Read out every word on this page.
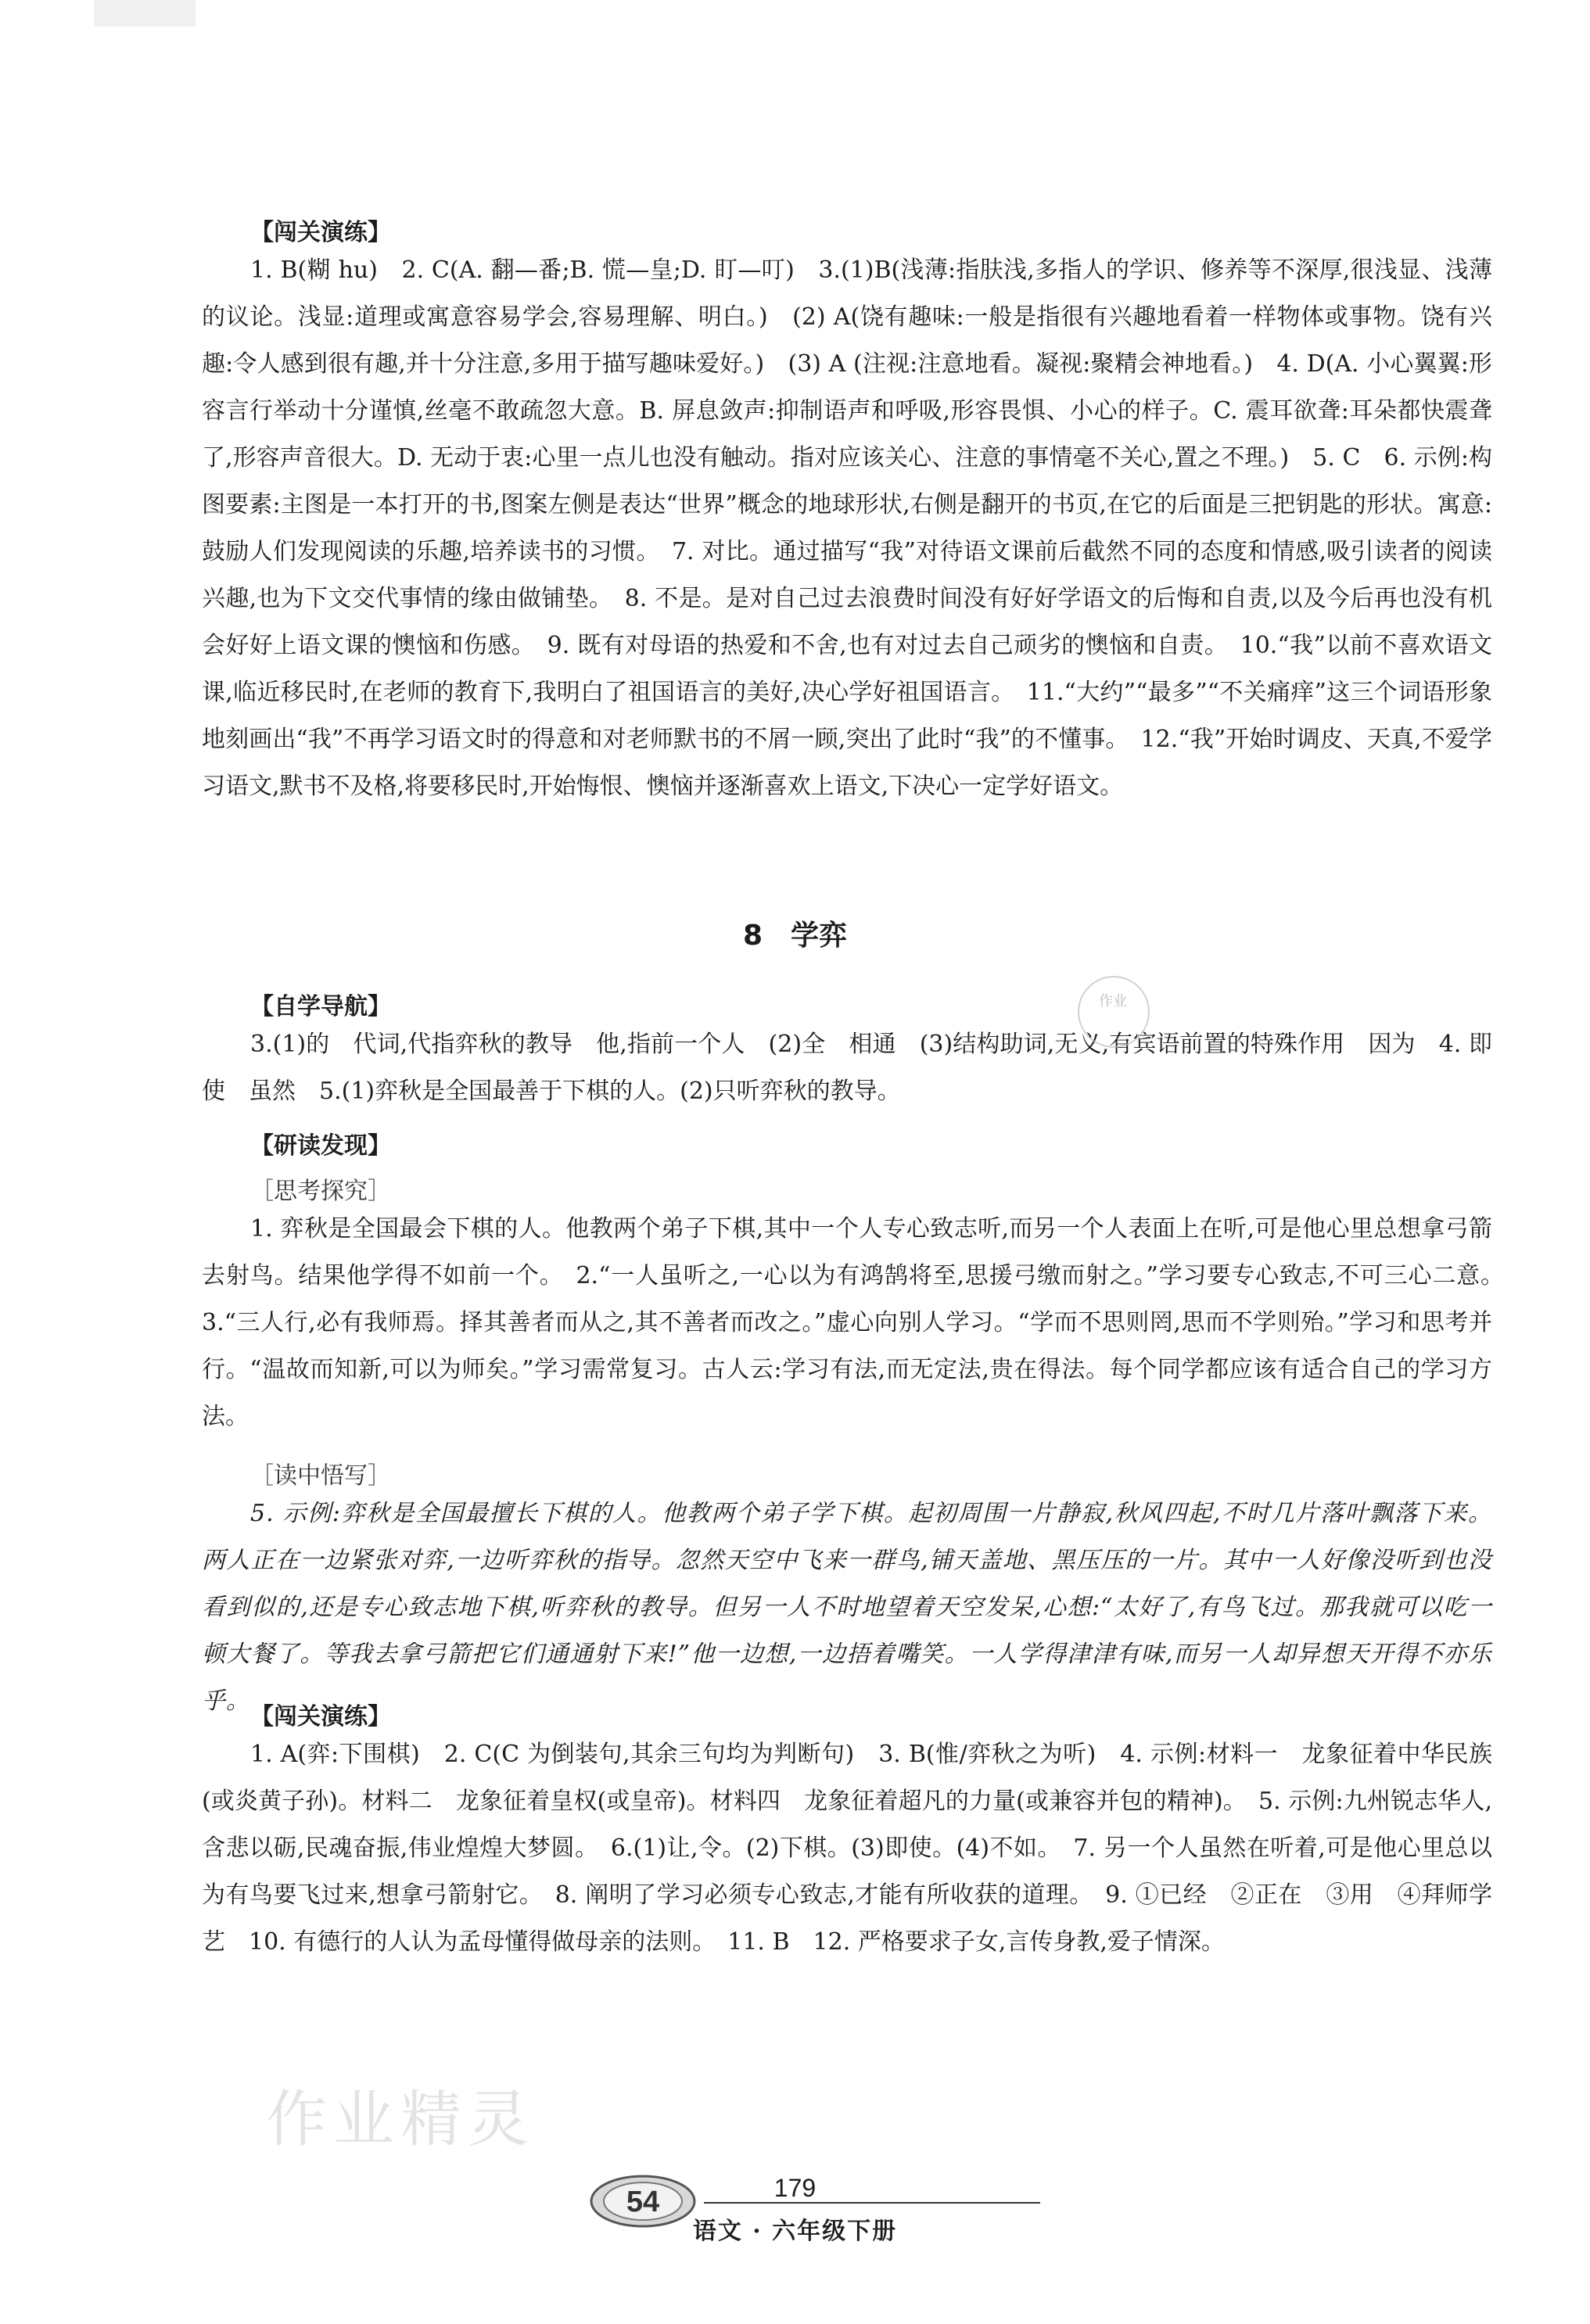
【闯关演练】

1. B(糊 hu)　2. C(A. 翻—番;B. 慌—皇;D. 盯—叮)　3.(1)B(浅薄:指肤浅,多指人的学识、修养等不深厚,很浅显、浅薄的议论。浅显:道理或寓意容易学会,容易理解、明白。)　(2) A(饶有趣味:一般是指很有兴趣地看着一样物体或事物。饶有兴趣:令人感到很有趣,并十分注意,多用于描写趣味爱好。)　(3) A (注视:注意地看。凝视:聚精会神地看。)　4. D(A. 小心翼翼:形容言行举动十分谨慎,丝毫不敢疏忽大意。B. 屏息敛声:抑制语声和呼吸,形容畏惧、小心的样子。C. 震耳欲聋:耳朵都快震聋了,形容声音很大。D. 无动于衷:心里一点儿也没有触动。指对应该关心、注意的事情毫不关心,置之不理。)　5. C　6. 示例:构图要素:主图是一本打开的书,图案左侧是表达“世界”概念的地球形状,右侧是翻开的书页,在它的后面是三把钥匙的形状。寓意:鼓励人们发现阅读的乐趣,培养读书的习惯。　7. 对比。通过描写“我”对待语文课前后截然不同的态度和情感,吸引读者的阅读兴趣,也为下文交代事情的缘由做铺垫。　8. 不是。是对自己过去浪费时间没有好好学语文的后悔和自责,以及今后再也没有机会好好上语文课的懊恼和伤感。　9. 既有对母语的热爱和不舍,也有对过去自己顽劣的懊恼和自责。　10.“我”以前不喜欢语文课,临近移民时,在老师的教育下,我明白了祖国语言的美好,决心学好祖国语言。　11.“大约”“最多”“不关痛痒”这三个词语形象地刻画出“我”不再学习语文时的得意和对老师默书的不屑一顾,突出了此时“我”的不懂事。　12.“我”开始时调皮、天真,不爱学习语文,默书不及格,将要移民时,开始悔恨、懊恼并逐渐喜欢上语文,下决心一定学好语文。

8　学弈
【自学导航】

3.(1)的　代词,代指弈秋的教导　他,指前一个人　(2)全　相通　(3)结构助词,无义,有宾语前置的特殊作用　因为　4. 即使　虽然　5.(1)弈秋是全国最善于下棋的人。(2)只听弈秋的教导。

作业
【研读发现】
［思考探究］

1. 弈秋是全国最会下棋的人。他教两个弟子下棋,其中一个人专心致志听,而另一个人表面上在听,可是他心里总想拿弓箭去射鸟。结果他学得不如前一个。　2.“一人虽听之,一心以为有鸿鹄将至,思援弓缴而射之。”学习要专心致志,不可三心二意。　3.“三人行,必有我师焉。择其善者而从之,其不善者而改之。”虚心向别人学习。“学而不思则罔,思而不学则殆。”学习和思考并行。“温故而知新,可以为师矣。”学习需常复习。古人云:学习有法,而无定法,贵在得法。每个同学都应该有适合自己的学习方法。

［读中悟写］

5. 示例:弈秋是全国最擅长下棋的人。他教两个弟子学下棋。起初周围一片静寂,秋风四起,不时几片落叶飘落下来。两人正在一边紧张对弈,一边听弈秋的指导。忽然天空中飞来一群鸟,铺天盖地、黑压压的一片。其中一人好像没听到也没看到似的,还是专心致志地下棋,听弈秋的教导。但另一人不时地望着天空发呆,心想:“太好了,有鸟飞过。那我就可以吃一顿大餐了。等我去拿弓箭把它们通通射下来!”他一边想,一边捂着嘴笑。一人学得津津有味,而另一人却异想天开得不亦乐乎。

【闯关演练】

1. A(弈:下围棋)　2. C(C 为倒装句,其余三句均为判断句)　3. B(惟/弈秋之为听)　4. 示例:材料一　龙象征着中华民族(或炎黄子孙)。材料二　龙象征着皇权(或皇帝)。材料四　龙象征着超凡的力量(或兼容并包的精神)。　5. 示例:九州锐志华人,含悲以砺,民魂奋振,伟业煌煌大梦圆。　6.(1)让,令。(2)下棋。(3)即使。(4)不如。　7. 另一个人虽然在听着,可是他心里总以为有鸟要飞过来,想拿弓箭射它。　8. 阐明了学习必须专心致志,才能有所收获的道理。　9. ①已经　②正在　③用　④拜师学艺　10. 有德行的人认为孟母懂得做母亲的法则。　11. B　12. 严格要求子女,言传身教,爱子情深。

作业精灵
54	179
语文 · 六年级下册
